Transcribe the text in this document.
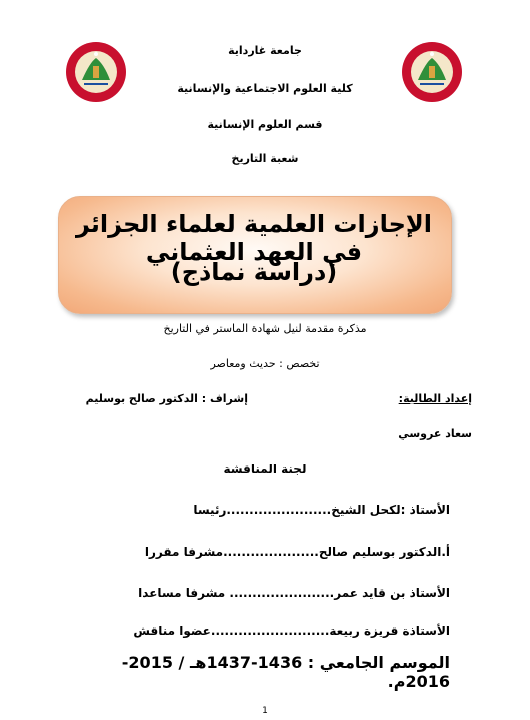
جامعة غارداية
كلية العلوم الاجتماعية والإنسانية
قسم العلوم الإنسانية
شعبة التاريخ
الإجازات العلمية لعلماء الجزائر في العهد العثماني
(دراسة نماذج)
مذكرة مقدمة لنيل شهادة الماستر في التاريخ
تخصص : حديث ومعاصر
إعداد الطالبة:
إشراف : الدكتور صالح بوسليم
سعاد عروسي
لجنة المناقشة
الأستاذ :لكحل الشيخ.......................رئيسا
أ.الدكتور بوسليم صالح.....................مشرفا مقررا
الأستاذ بن قايد عمر....................... مشرفا مساعدا
الأستاذة قريزة ربيعة..........................عضوا مناقش
الموسم الجامعي : 1436-1437هـ / 2015-2016م.
1
